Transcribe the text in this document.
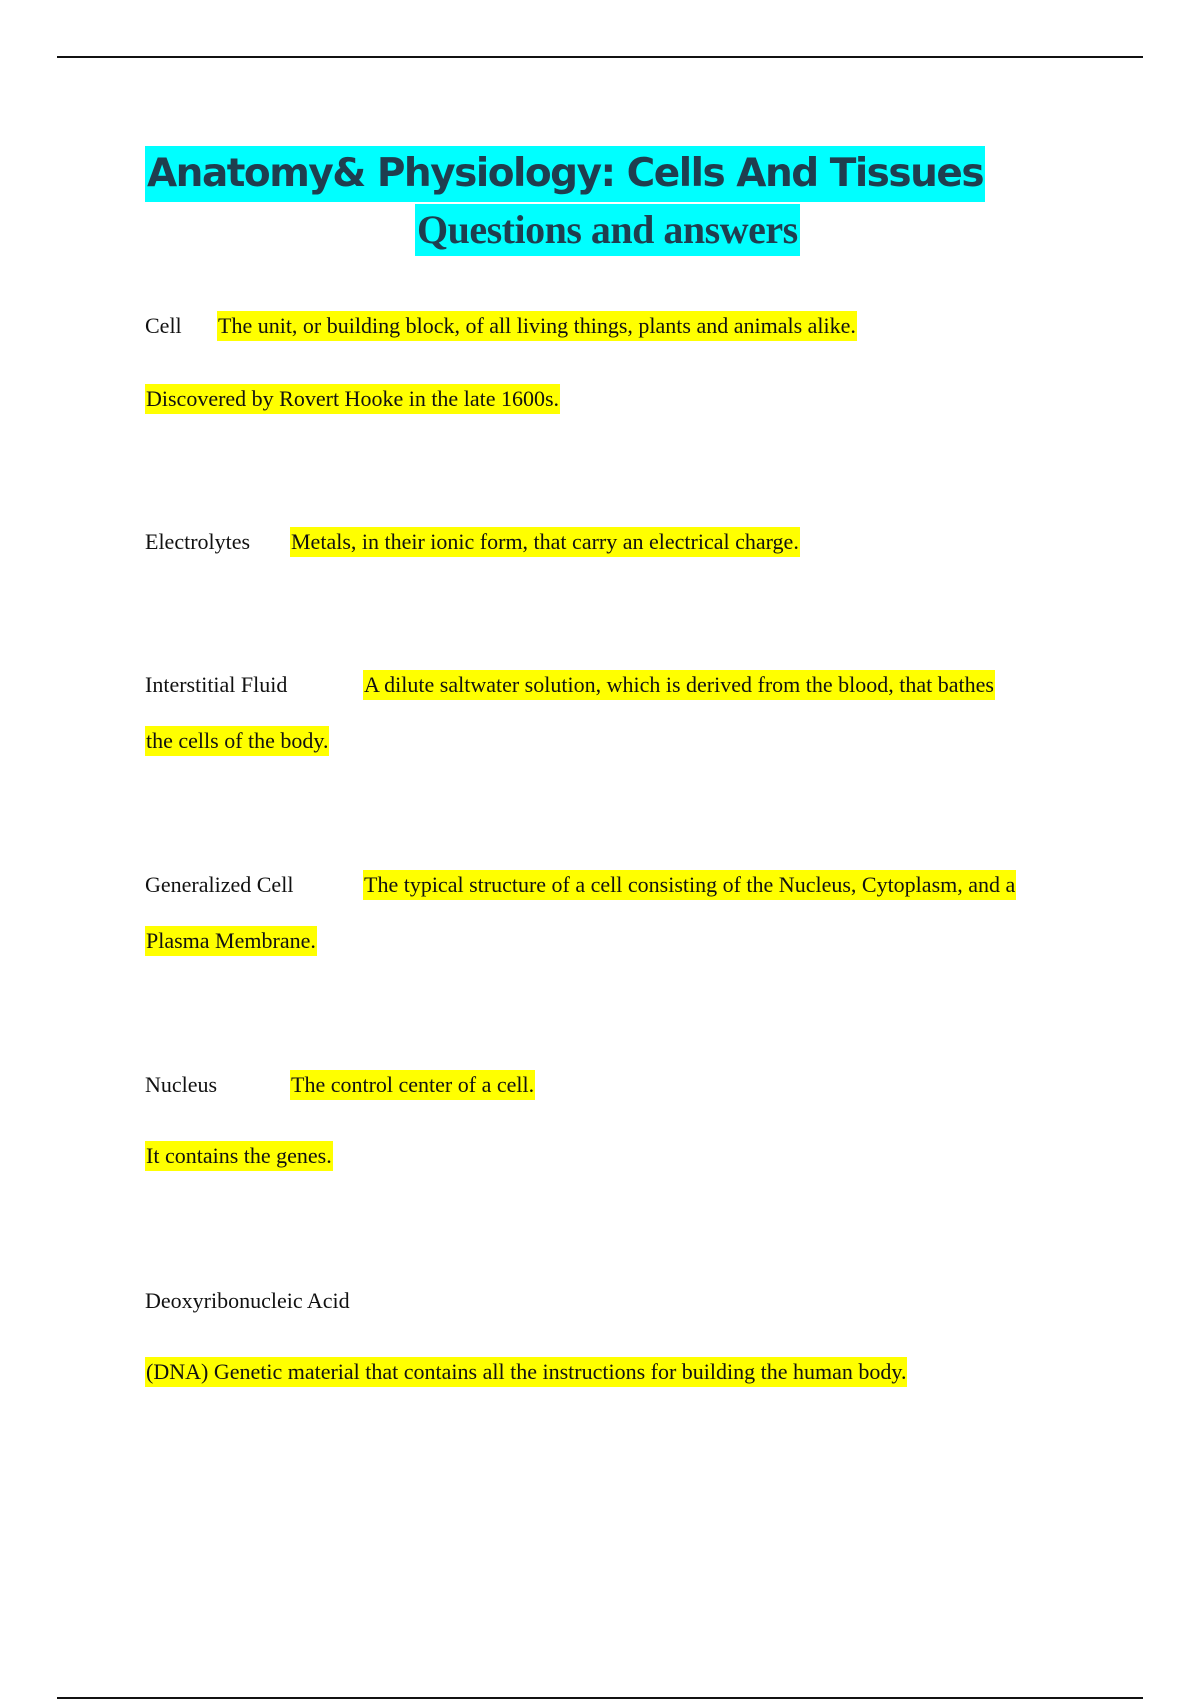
Anatomy& Physiology: Cells And Tissues
Questions and answers
Cell The unit, or building block, of all living things, plants and animals alike.
Discovered by Rovert Hooke in the late 1600s.
Electrolytes Metals, in their ionic form, that carry an electrical charge.
Interstitial Fluid	A dilute saltwater solution, which is derived from the blood, that bathes
the cells of the body.
Generalized Cell	The typical structure of a cell consisting of the Nucleus, Cytoplasm, and a
Plasma Membrane.
Nucleus	The control center of a cell.
It contains the genes.
Deoxyribonucleic Acid
(DNA) Genetic material that contains all the instructions for building the human body.
